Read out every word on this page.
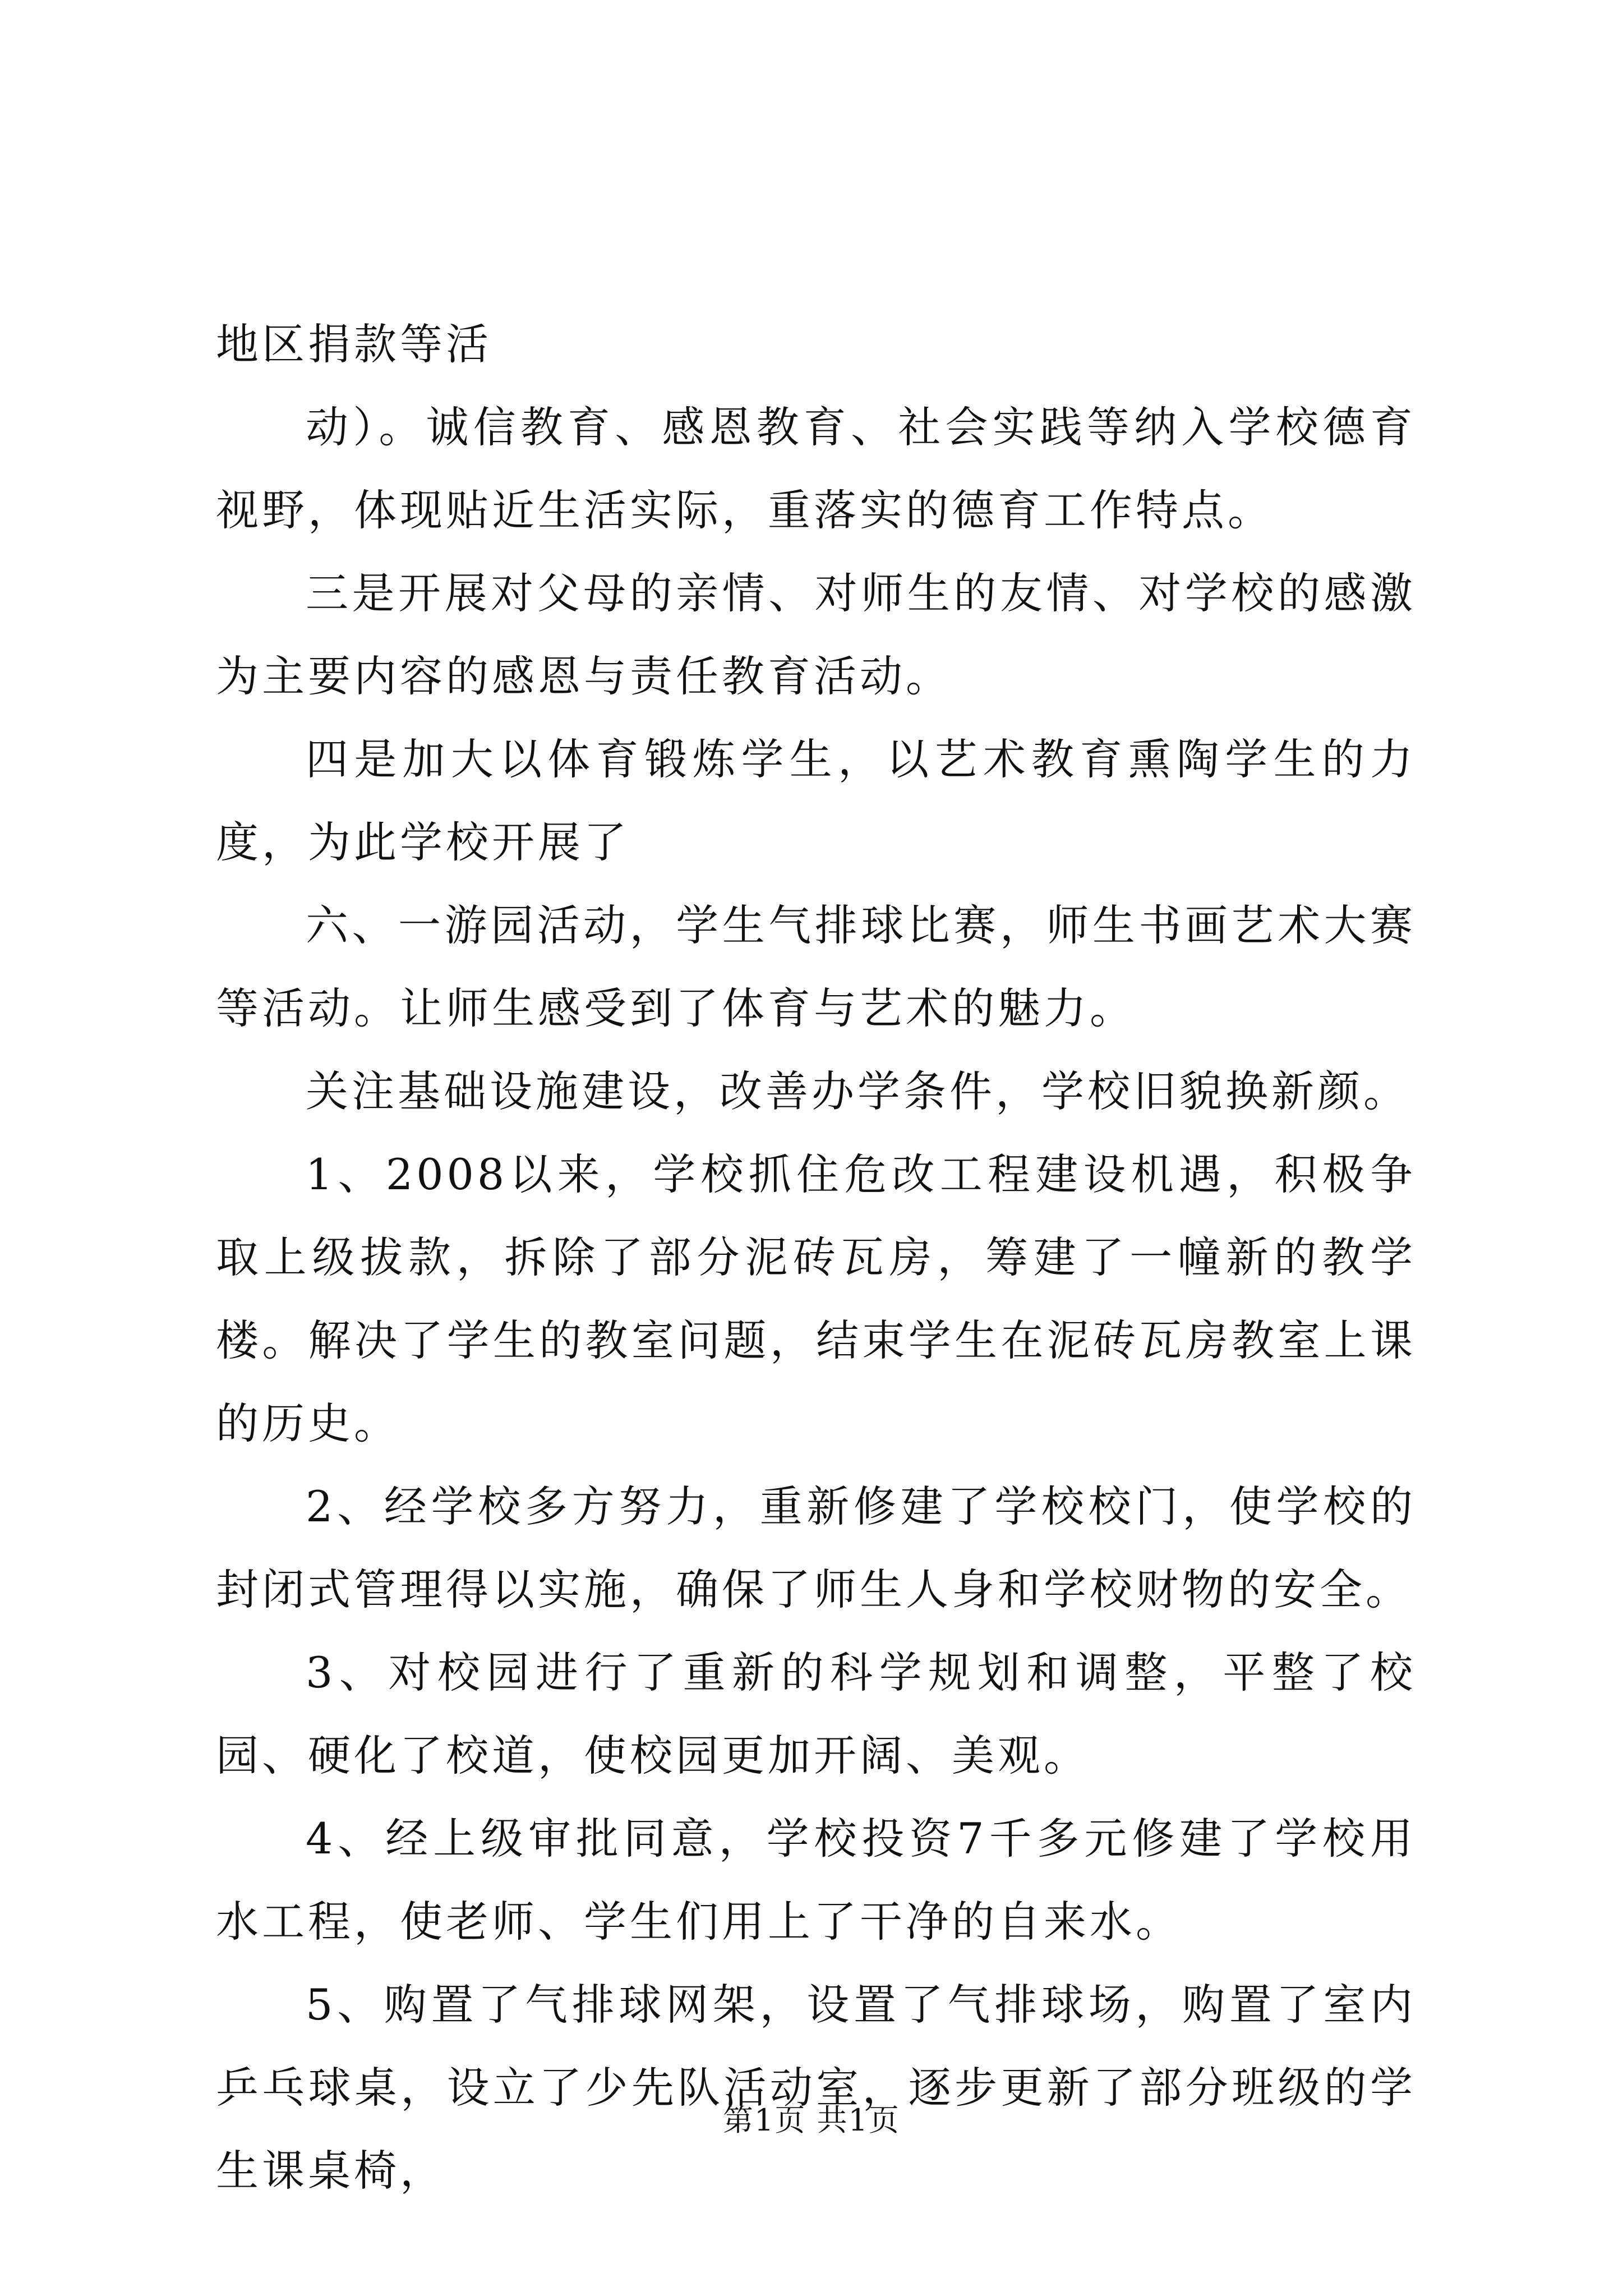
地区捐款等活

动）。诚信教育、感恩教育、社会实践等纳入学校德育视野，体现贴近生活实际，重落实的德育工作特点。

三是开展对父母的亲情、对师生的友情、对学校的感激为主要内容的感恩与责任教育活动。

四是加大以体育锻炼学生，以艺术教育熏陶学生的力度，为此学校开展了

六、一游园活动，学生气排球比赛，师生书画艺术大赛等活动。让师生感受到了体育与艺术的魅力。

关注基础设施建设，改善办学条件，学校旧貌换新颜。

1、2008以来，学校抓住危改工程建设机遇，积极争取上级拔款，拆除了部分泥砖瓦房，筹建了一幢新的教学楼。解决了学生的教室问题，结束学生在泥砖瓦房教室上课的历史。

2、经学校多方努力，重新修建了学校校门，使学校的封闭式管理得以实施，确保了师生人身和学校财物的安全。

3、对校园进行了重新的科学规划和调整，平整了校园、硬化了校道，使校园更加开阔、美观。

4、经上级审批同意，学校投资7千多元修建了学校用水工程，使老师、学生们用上了干净的自来水。

5、购置了气排球网架，设置了气排球场，购置了室内乒乓球桌，设立了少先队活动室，逐步更新了部分班级的学生课桌椅，

第1页 共1页
